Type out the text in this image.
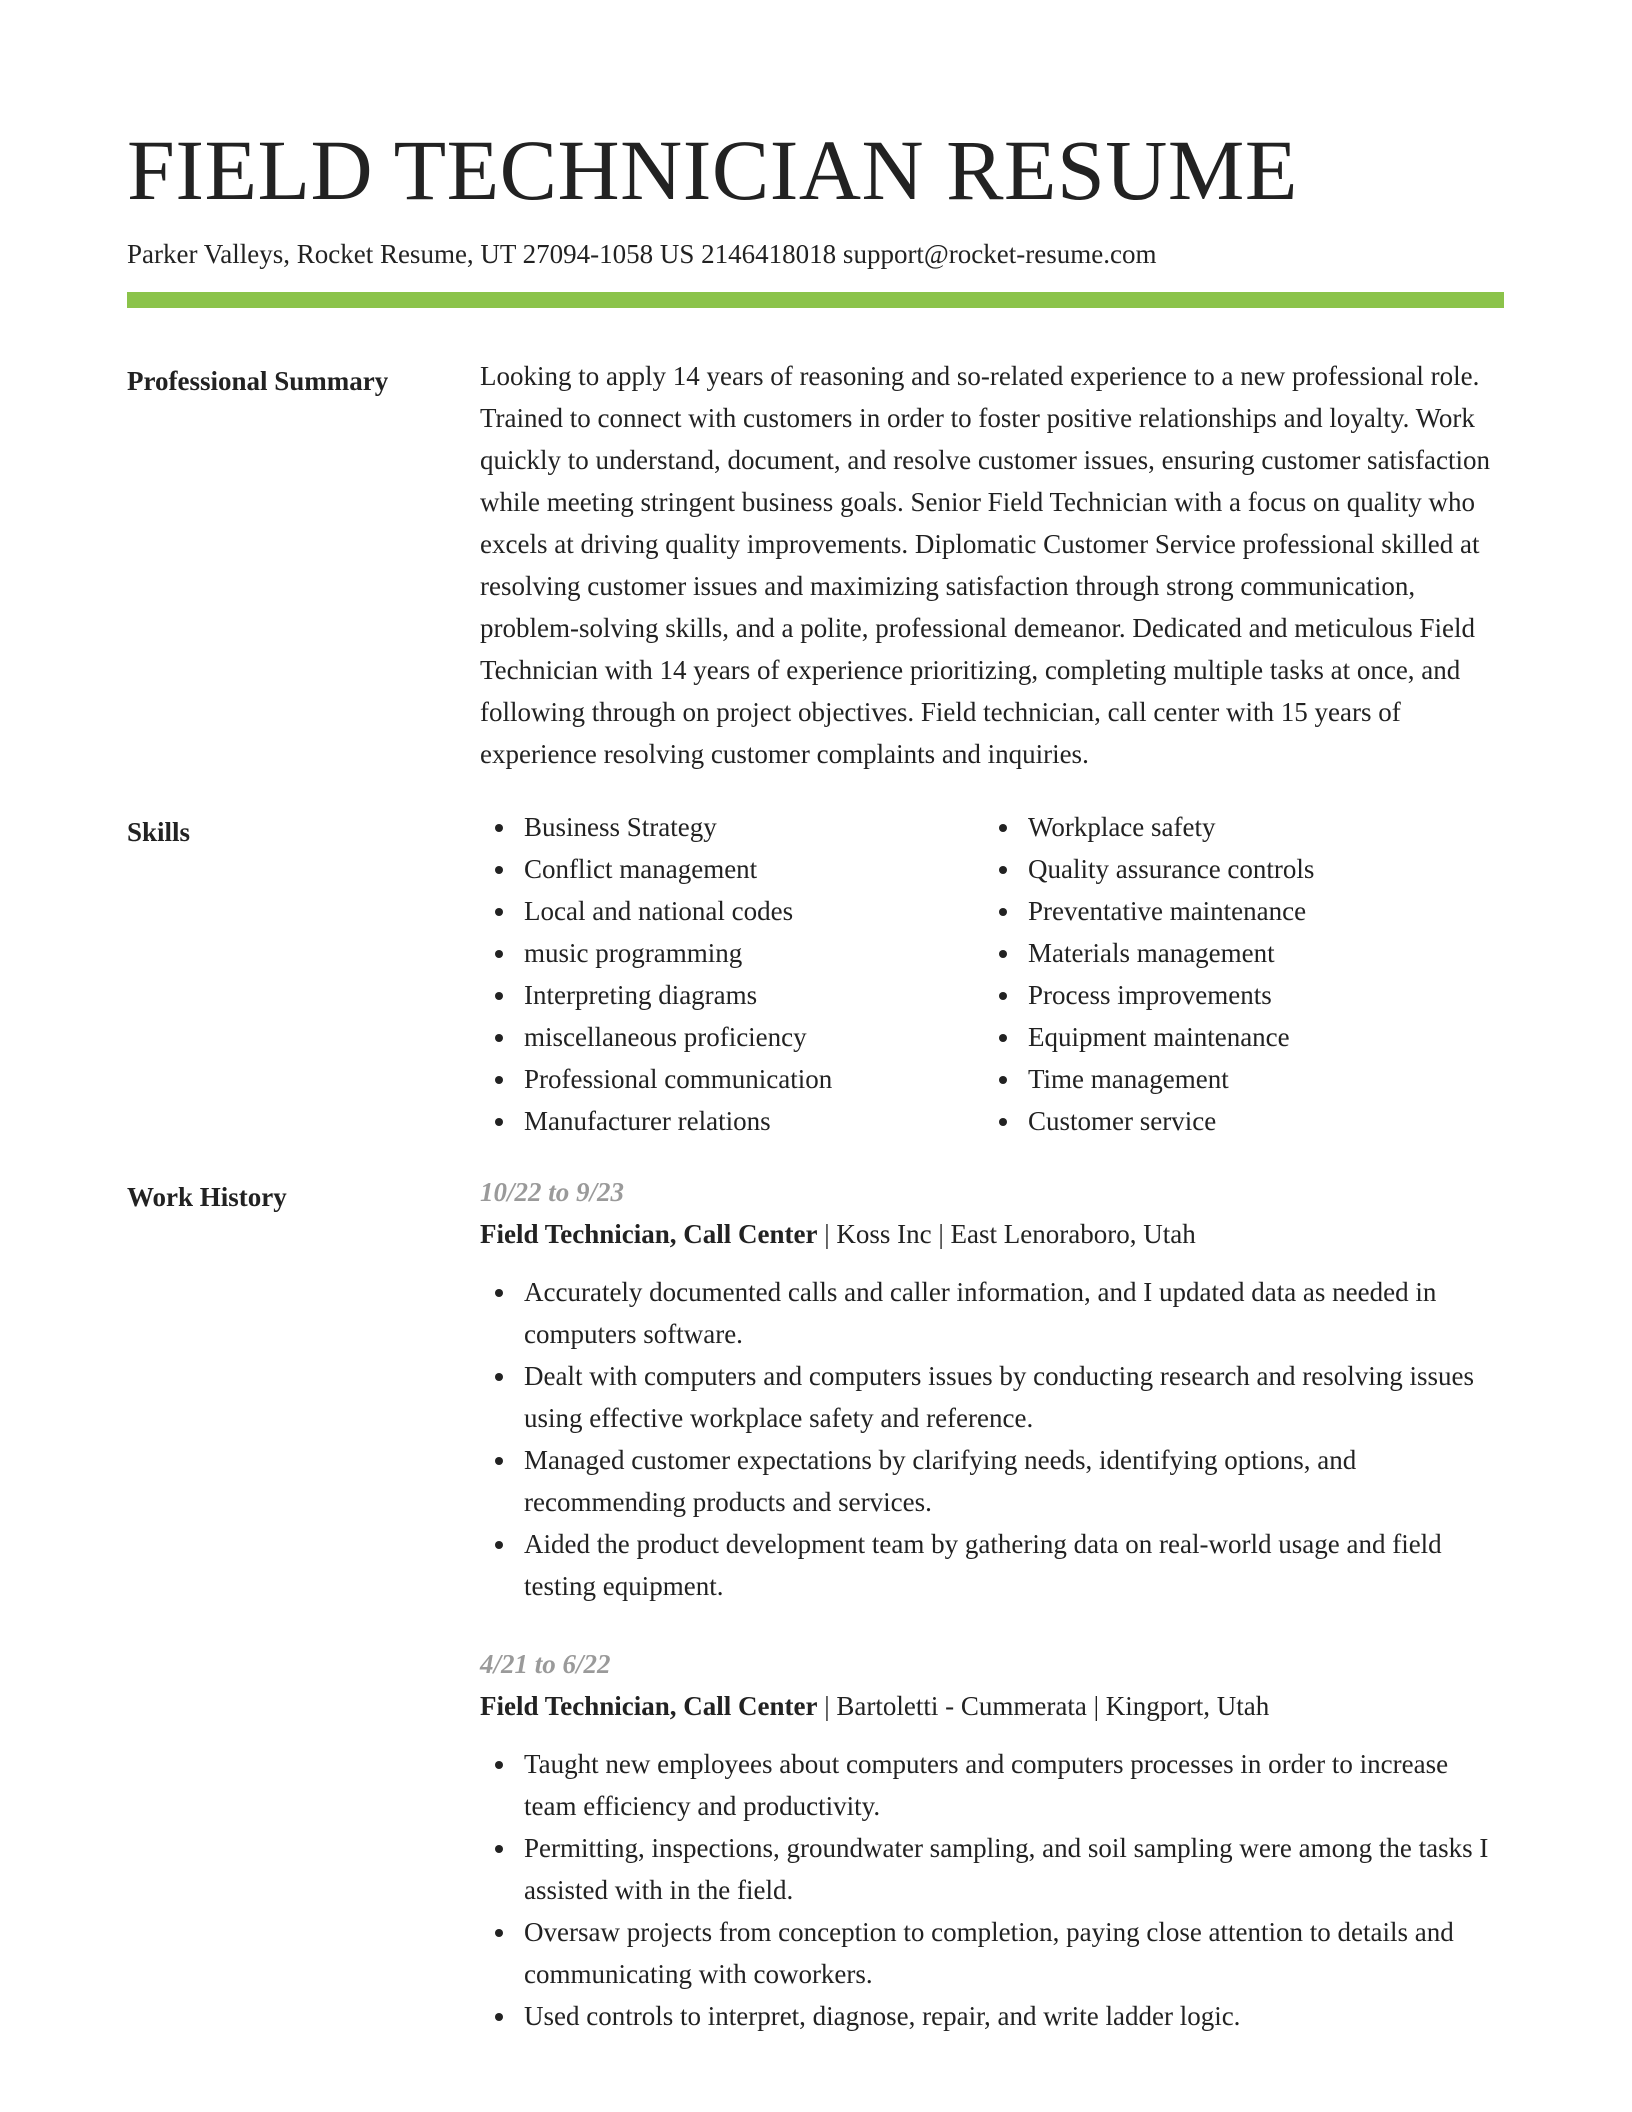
FIELD TECHNICIAN RESUME
Parker Valleys, Rocket Resume, UT 27094-1058 US 2146418018 support@rocket-resume.com
Professional Summary	Looking to apply 14 years of reasoning and so-related experience to a new professional role. Trained to connect with customers in order to foster positive relationships and loyalty. Work quickly to understand, document, and resolve customer issues, ensuring customer satisfaction while meeting stringent business goals. Senior Field Technician with a focus on quality who excels at driving quality improvements. Diplomatic Customer Service professional skilled at resolving customer issues and maximizing satisfaction through strong communication, problem-solving skills, and a polite, professional demeanor. Dedicated and meticulous Field Technician with 14 years of experience prioritizing, completing multiple tasks at once, and following through on project objectives. Field technician, call center with 15 years of experience resolving customer complaints and inquiries.

Skills	Business Strategy
Conflict management
Local and national codes
music programming
Interpreting diagrams
miscellaneous proficiency
Professional communication
Manufacturer relations
Workplace safety
Quality assurance controls
Preventative maintenance
Materials management
Process improvements
Equipment maintenance
Time management
Customer service
Work History	10/22 to 9/23
Field Technician, Call Center | Koss Inc | East Lenoraboro, Utah
Accurately documented calls and caller information, and I updated data as needed in computers software.
Dealt with computers and computers issues by conducting research and resolving issues using effective workplace safety and reference.
Managed customer expectations by clarifying needs, identifying options, and recommending products and services.
Aided the product development team by gathering data on real-world usage and field testing equipment.
4/21 to 6/22
Field Technician, Call Center | Bartoletti - Cummerata | Kingport, Utah
Taught new employees about computers and computers processes in order to increase team efficiency and productivity.
Permitting, inspections, groundwater sampling, and soil sampling were among the tasks I assisted with in the field.
Oversaw projects from conception to completion, paying close attention to details and communicating with coworkers.
Used controls to interpret, diagnose, repair, and write ladder logic.
